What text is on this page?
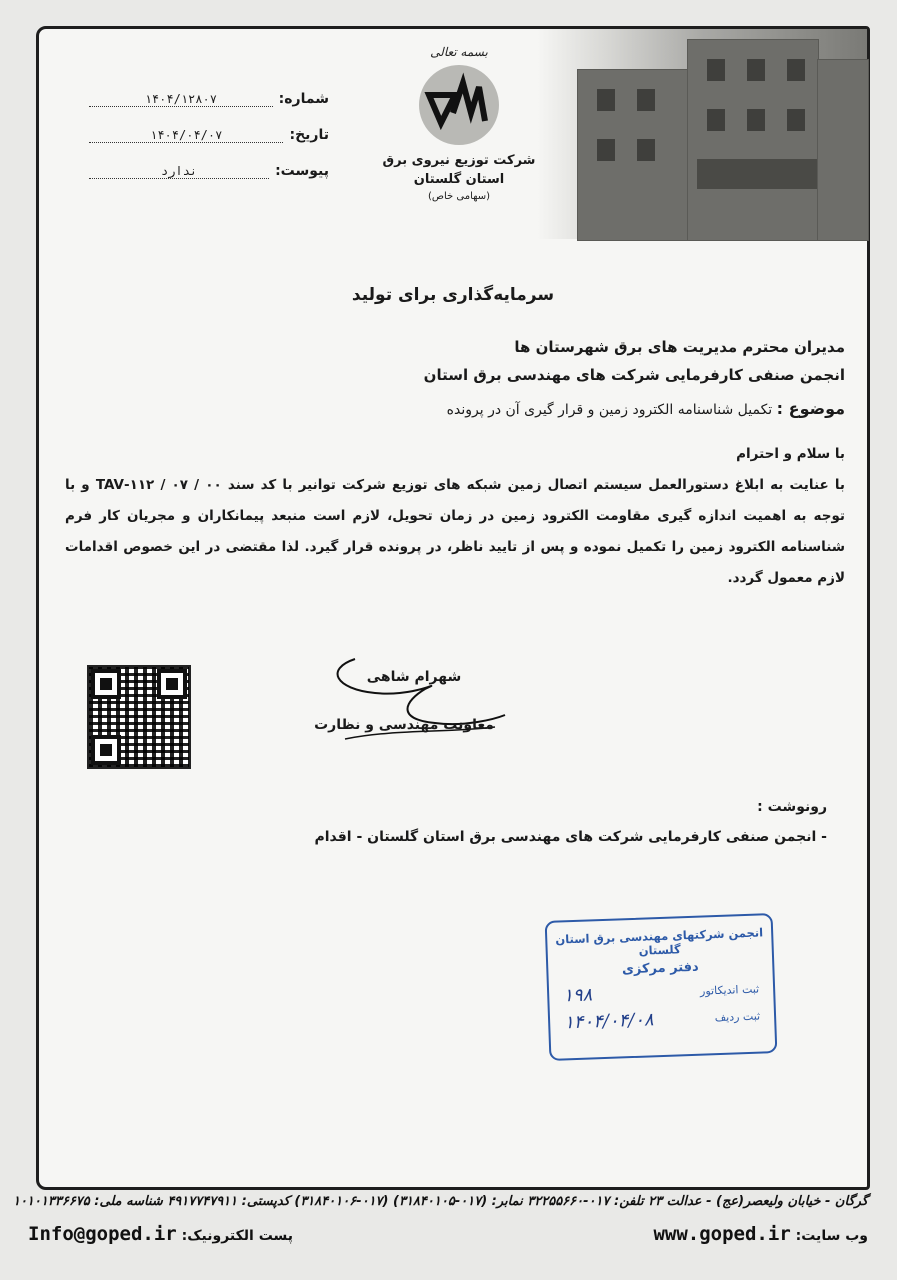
بسمه تعالی
شرکت توزیع نیروی برق
استان گلستان
(سهامی خاص)
شماره:
۱۴۰۴/۱۲۸۰۷
تاریخ:
۱۴۰۴/۰۴/۰۷
پیوست:
ندارد
سرمایه‌گذاری برای تولید
مدیران محترم مدیریت های برق شهرستان ها
انجمن صنفی کارفرمایی شرکت های مهندسی برق استان
موضوع : تکمیل شناسنامه الکترود زمین و قرار گیری آن در پرونده
با سلام و احترام
با عنایت به ابلاغ دستورالعمل سیستم اتصال زمین شبکه های توزیع شرکت توانیر با کد سند ۰۰ / ۰۷ / ۱۱۲-TAV و با توجه به اهمیت اندازه گیری مقاومت الکترود زمین در زمان تحویل، لازم است منبعد پیمانکاران و مجریان کار فرم شناسنامه الکترود زمین را تکمیل نموده و پس از تایید ناظر، در پرونده قرار گیرد. لذا مقتضی در این خصوص اقدامات لازم معمول گردد.
شهرام شاهی
معاونت مهندسی و نظارت
رونوشت :
- انجمن صنفی کارفرمایی شرکت های مهندسی برق استان گلستان - اقدام
انجمن شرکتهای مهندسی برق استان گلستان
دفتر مرکزی
ثبت اندیکاتور
۱۹۸
ثبت ردیف
۱۴۰۴/۰۴/۰۸
گرگان - خیابان ولیعصر(عج) - عدالت ۲۳ تلفن: ۰۱۷-۳۲۲۵۵۶۶۰ نمابر: (۰۱۷-۳۱۸۴۰۱۰۵) (۰۱۷-۳۱۸۴۰۱۰۶) کدپستی: ۴۹۱۷۷۴۷۹۱۱ شناسه ملی: ۱۰۱۰۱۳۳۶۶۷۵
وب سایت: www.goped.ir
پست الکترونیک: Info@goped.ir
